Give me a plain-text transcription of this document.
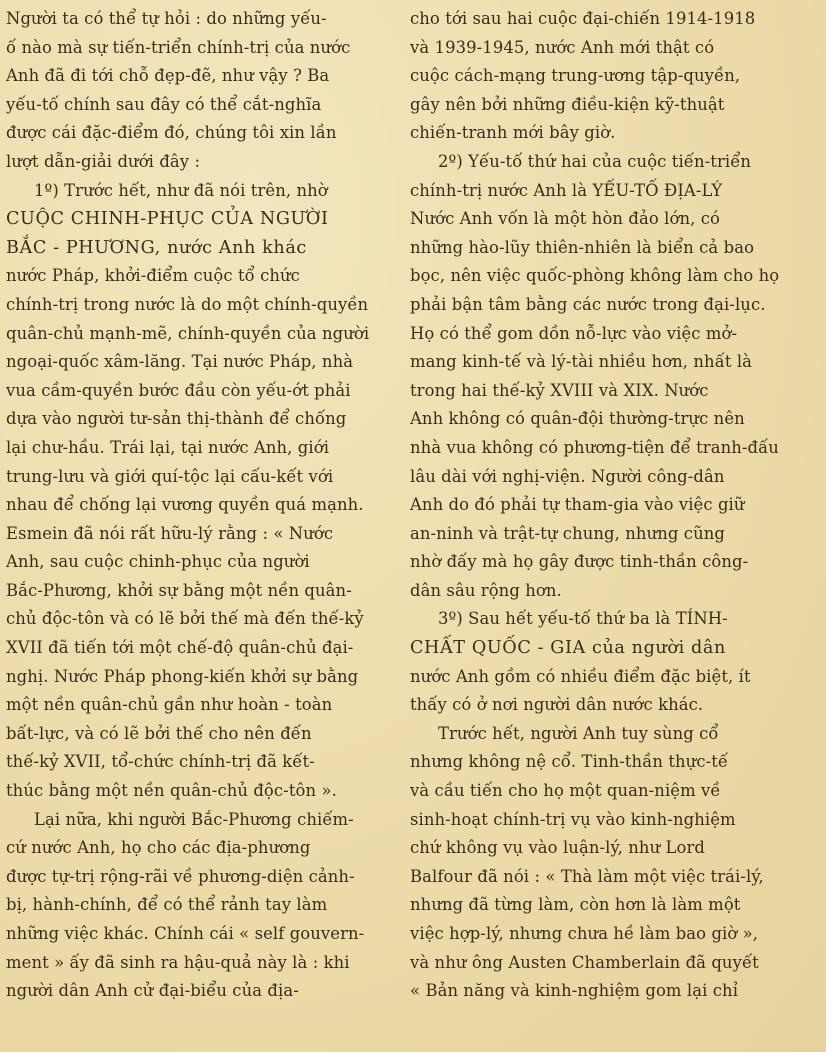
Người ta có thể tự hỏi : do những yếu-
ố nào mà sự tiến-triển chính-trị của nước
Anh đã đi tới chỗ đẹp-đẽ, như vậy ? Ba
yếu-tố chính sau đây có thể cắt-nghĩa
được cái đặc-điểm đó, chúng tôi xin lần
lượt dẫn-giải dưới đây :
1º) Trước hết, như đã nói trên, nhờ
CUỘC CHINH-PHỤC CỦA NGƯỜI
BẮC - PHƯƠNG, nước Anh khác
nước Pháp, khởi-điểm cuộc tổ chức
chính-trị trong nước là do một chính-quyền
quân-chủ mạnh-mẽ, chính-quyền của người
ngoại-quốc xâm-lăng. Tại nước Pháp, nhà
vua cầm-quyền bước đầu còn yếu-ớt phải
dựa vào người tư-sản thị-thành để chống
lại chư-hầu. Trái lại, tại nước Anh, giới
trung-lưu và giới quí-tộc lại cấu-kết với
nhau để chống lại vương quyền quá mạnh.
Esmein đã nói rất hữu-lý rằng : « Nước
Anh, sau cuộc chinh-phục của người
Bắc-Phương, khởi sự bằng một nền quân-
chủ độc-tôn và có lẽ bởi thế mà đến thế-kỷ
XVII đã tiến tới một chế-độ quân-chủ đại-
nghị. Nước Pháp phong-kiến khởi sự bằng
một nền quân-chủ gần như hoàn - toàn
bất-lực, và có lẽ bởi thế cho nên đến
thế-kỷ XVII, tổ-chức chính-trị đã kết-
thúc bằng một nền quân-chủ độc-tôn ».
Lại nữa, khi người Bắc-Phương chiếm-
cứ nước Anh, họ cho các địa-phương
được tự-trị rộng-rãi về phương-diện cảnh-
bị, hành-chính, để có thể rảnh tay làm
những việc khác. Chính cái « self gouvern-
ment » ấy đã sinh ra hậu-quả này là : khi
người dân Anh cử đại-biểu của địa-
cho tới sau hai cuộc đại-chiến 1914-1918
và 1939-1945, nước Anh mới thật có
cuộc cách-mạng trung-ương tập-quyền,
gây nên bởi những điều-kiện kỹ-thuật
chiến-tranh mới bây giờ.
2º) Yếu-tố thứ hai của cuộc tiến-triển
chính-trị nước Anh là YẾU-TỐ ĐỊA-LÝ
Nước Anh vốn là một hòn đảo lớn, có
những hào-lũy thiên-nhiên là biển cả bao
bọc, nên việc quốc-phòng không làm cho họ
phải bận tâm bằng các nước trong đại-lục.
Họ có thể gom dồn nỗ-lực vào việc mở-
mang kinh-tế và lý-tài nhiều hơn, nhất là
trong hai thế-kỷ XVIII và XIX. Nước
Anh không có quân-đội thường-trực nên
nhà vua không có phương-tiện để tranh-đấu
lâu dài với nghị-viện. Người công-dân
Anh do đó phải tự tham-gia vào việc giữ
an-ninh và trật-tự chung, nhưng cũng
nhờ đấy mà họ gây được tinh-thần công-
dân sâu rộng hơn.
3º) Sau hết yếu-tố thứ ba là TÍNH-
CHẤT QUỐC - GIA của người dân
nước Anh gồm có nhiều điểm đặc biệt, ít
thấy có ở nơi người dân nước khác.
Trước hết, người Anh tuy sùng cổ
nhưng không nệ cổ. Tinh-thần thực-tế
và cầu tiến cho họ một quan-niệm về
sinh-hoạt chính-trị vụ vào kinh-nghiệm
chứ không vụ vào luận-lý, như Lord
Balfour đã nói : « Thà làm một việc trái-lý,
nhưng đã từng làm, còn hơn là làm một
việc hợp-lý, nhưng chưa hề làm bao giờ »,
và như ông Austen Chamberlain đã quyết
« Bản năng và kinh-nghiệm gom lại chỉ
